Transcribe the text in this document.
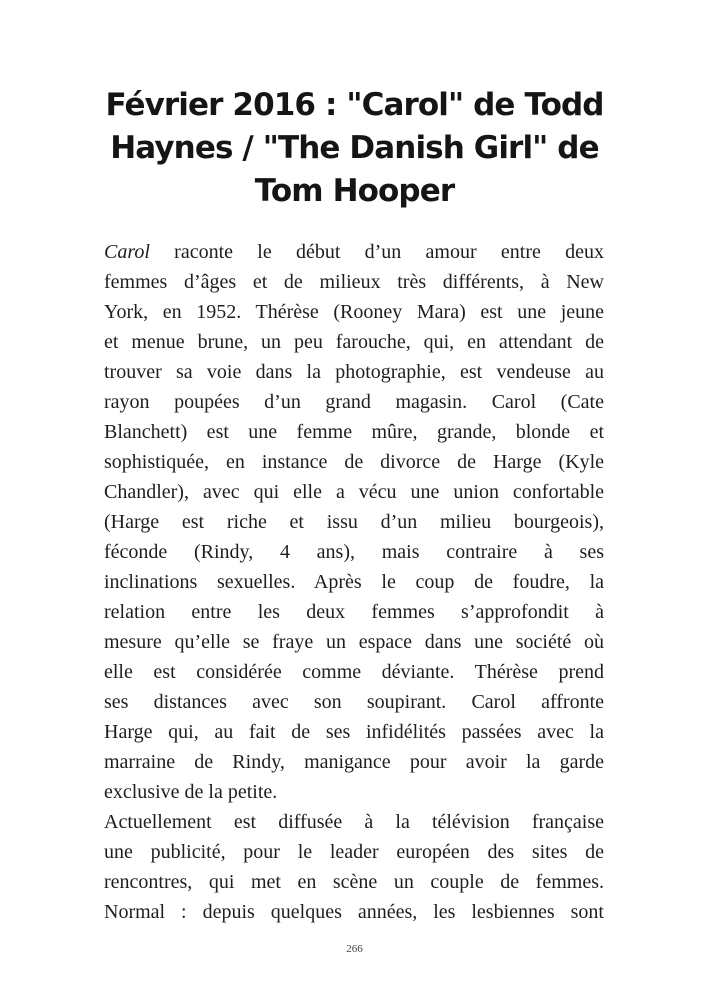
Février 2016 : "Carol" de Todd Haynes / "The Danish Girl" de Tom Hooper

Carol raconte le début d’un amour entre deux
femmes d’âges et de milieux très différents, à New
York, en 1952. Thérèse (Rooney Mara) est une jeune
et menue brune, un peu farouche, qui, en attendant de
trouver sa voie dans la photographie, est vendeuse au
rayon poupées d’un grand magasin. Carol (Cate
Blanchett) est une femme mûre, grande, blonde et
sophistiquée, en instance de divorce de Harge (Kyle
Chandler), avec qui elle a vécu une union confortable
(Harge est riche et issu d’un milieu bourgeois),
féconde (Rindy, 4 ans), mais contraire à ses
inclinations sexuelles. Après le coup de foudre, la
relation entre les deux femmes s’approfondit à
mesure qu’elle se fraye un espace dans une société où
elle est considérée comme déviante. Thérèse prend
ses distances avec son soupirant. Carol affronte
Harge qui, au fait de ses infidélités passées avec la
marraine de Rindy, manigance pour avoir la garde
exclusive de la petite.

Actuellement est diffusée à la télévision française
une publicité, pour le leader européen des sites de
rencontres, qui met en scène un couple de femmes.
Normal : depuis quelques années, les lesbiennes sont

266
